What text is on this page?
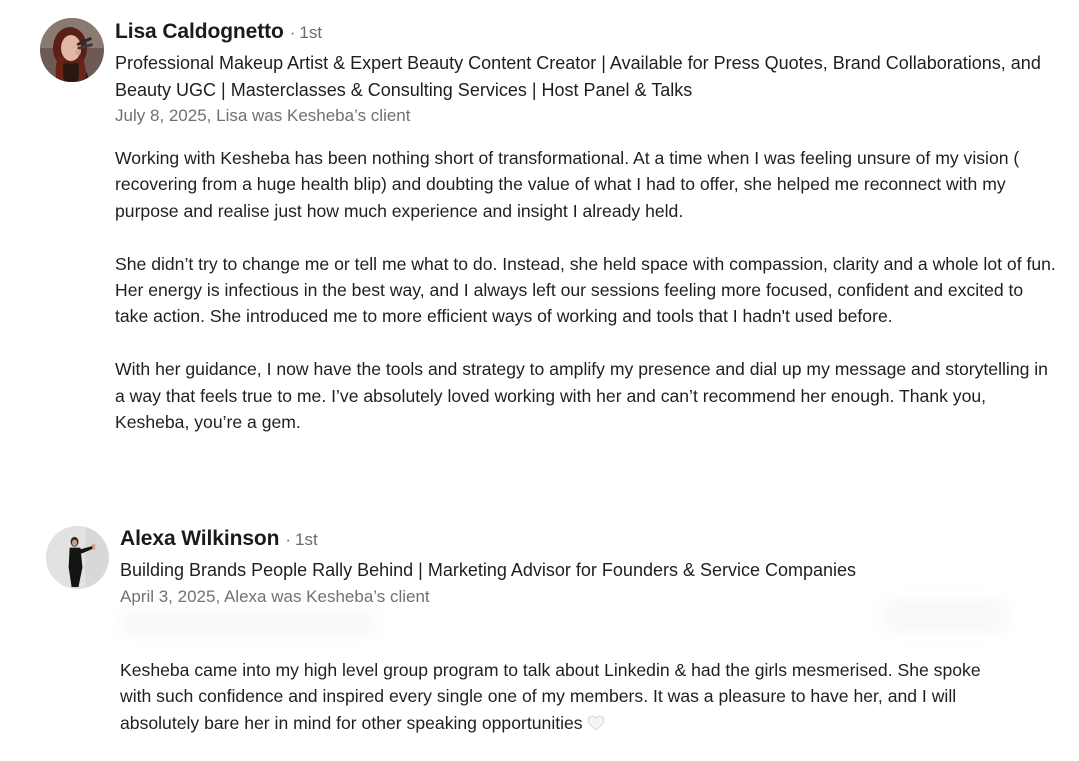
Lisa Caldognetto · 1st
Professional Makeup Artist & Expert Beauty Content Creator | Available for Press Quotes, Brand Collaborations, and Beauty UGC | Masterclasses & Consulting Services | Host Panel & Talks
July 8, 2025, Lisa was Kesheba’s client

Working with Kesheba has been nothing short of transformational. At a time when I was feeling unsure of my vision ( recovering from a huge health blip) and doubting the value of what I had to offer, she helped me reconnect with my purpose and realise just how much experience and insight I already held.

She didn’t try to change me or tell me what to do. Instead, she held space with compassion, clarity and a whole lot of fun. Her energy is infectious in the best way, and I always left our sessions feeling more focused, confident and excited to take action. She introduced me to more efficient ways of working and tools that I hadn't used before.

With her guidance, I now have the tools and strategy to amplify my presence and dial up my message and storytelling in a way that feels true to me. I’ve absolutely loved working with her and can’t recommend her enough. Thank you, Kesheba, you’re a gem.

Alexa Wilkinson · 1st
Building Brands People Rally Behind | Marketing Advisor for Founders & Service Companies
April 3, 2025, Alexa was Kesheba’s client

Kesheba came into my high level group program to talk about Linkedin & had the girls mesmerised. She spoke with such confidence and inspired every single one of my members. It was a pleasure to have her, and I will absolutely bare her in mind for other speaking opportunities
